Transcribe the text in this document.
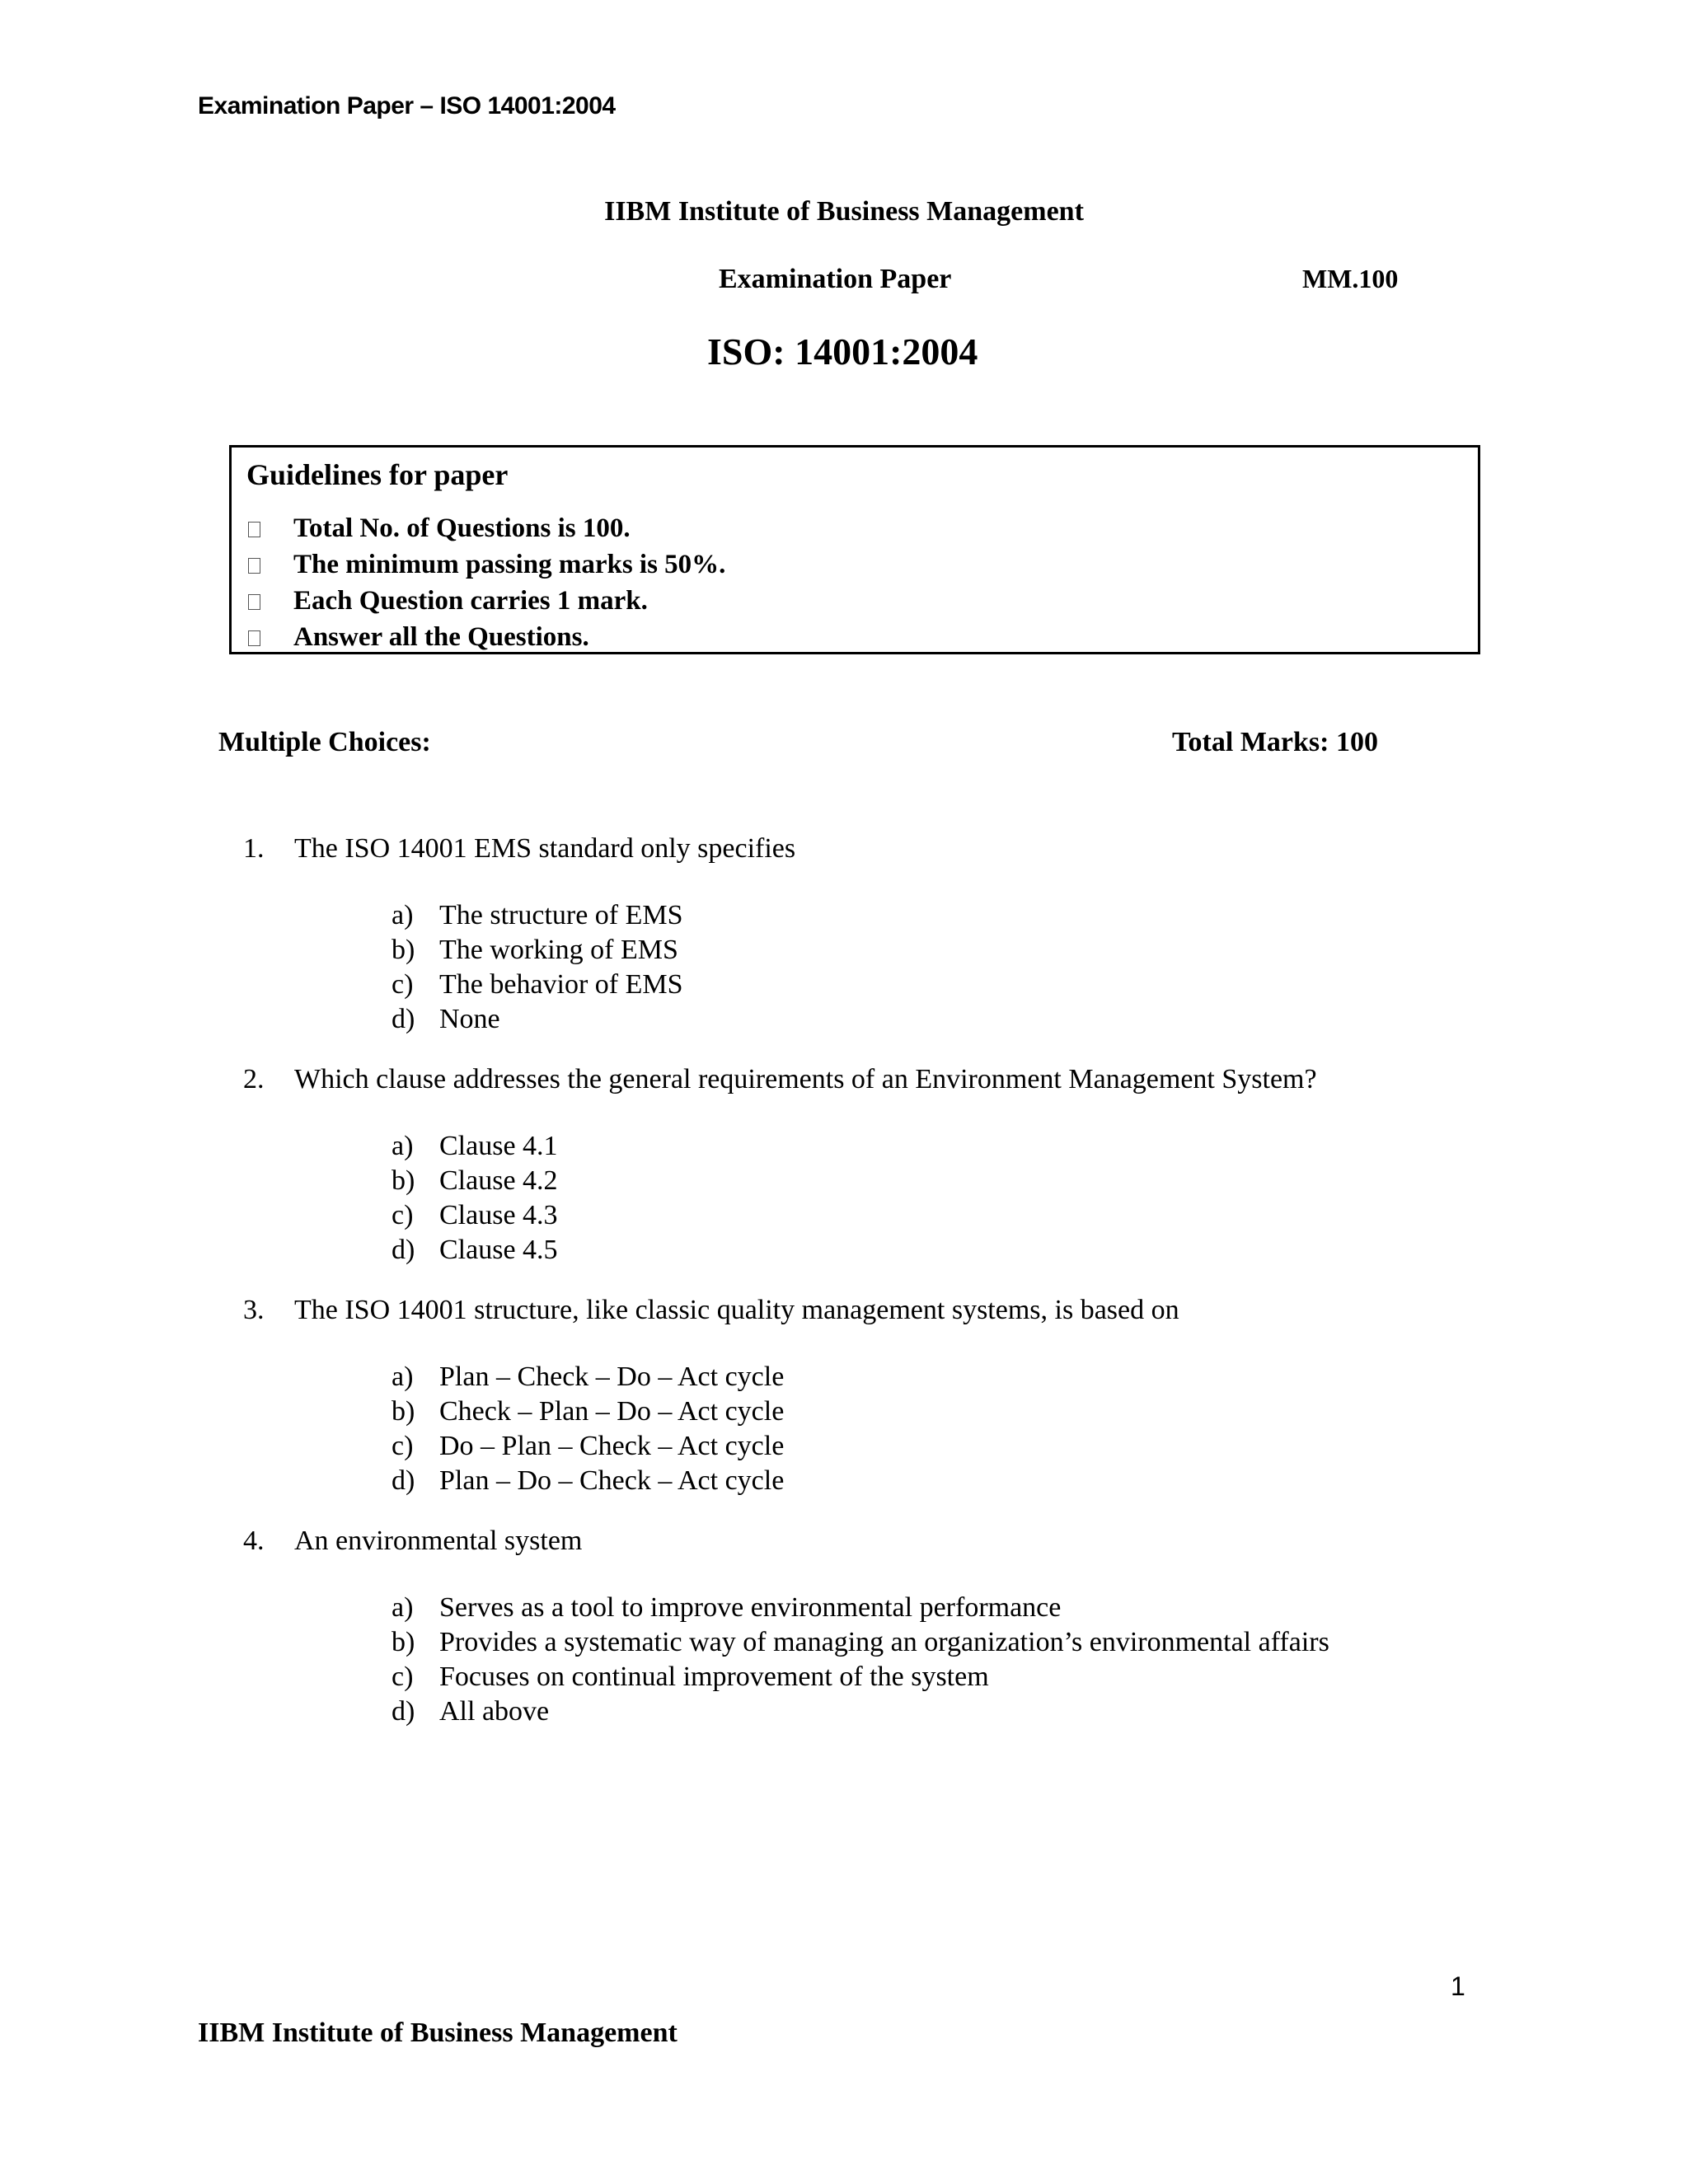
Examination Paper – ISO 14001:2004
IIBM Institute of Business Management
Examination Paper	MM.100
ISO: 14001:2004
Guidelines for paper
Total No. of Questions is 100.
The minimum passing marks is 50%.
Each Question carries 1 mark.
Answer all the Questions.
Multiple Choices:	Total Marks: 100
1.	The ISO 14001 EMS standard only specifies
a) The structure of EMS
b) The working of EMS
c) The behavior of EMS
d) None
2.	Which clause addresses the general requirements of an Environment Management System?
a) Clause 4.1
b) Clause 4.2
c) Clause 4.3
d) Clause 4.5
3.	The ISO 14001 structure, like classic quality management systems, is based on
a) Plan – Check – Do – Act cycle
b) Check – Plan – Do – Act cycle
c) Do – Plan – Check – Act cycle
d) Plan – Do – Check – Act cycle
4.	An environmental system
a) Serves as a tool to improve environmental performance
b) Provides a systematic way of managing an organization’s environmental affairs
c) Focuses on continual improvement of the system
d) All above
1
IIBM Institute of Business Management
